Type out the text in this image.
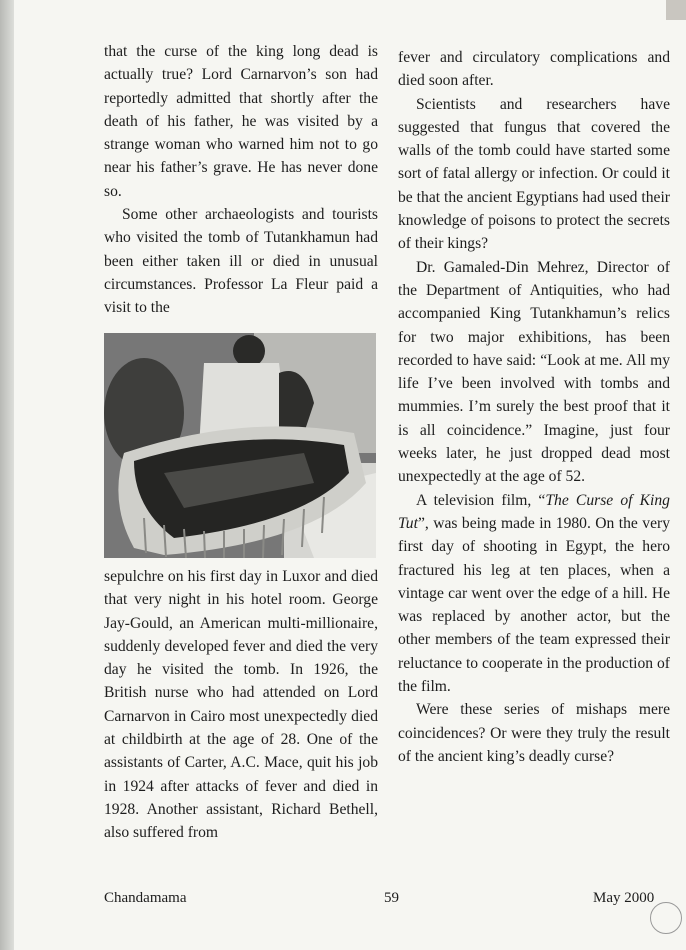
that the curse of the king long dead is actually true? Lord Carnarvon’s son had reportedly admitted that shortly after the death of his father, he was visited by a strange woman who warned him not to go near his father’s grave. He has never done so.

Some other archaeologists and tourists who visited the tomb of Tutankhamun had been either taken ill or died in unusual circumstances. Professor La Fleur paid a visit to the

sepulchre on his first day in Luxor and died that very night in his hotel room. George Jay-Gould, an American multi-millionaire, suddenly developed fever and died the very day he visited the tomb. In 1926, the British nurse who had attended on Lord Carnarvon in Cairo most unexpectedly died at childbirth at the age of 28. One of the assistants of Carter, A.C. Mace, quit his job in 1924 after attacks of fever and died in 1928. Another assistant, Richard Bethell, also suffered from

fever and circulatory complications and died soon after.

Scientists and researchers have suggested that fungus that covered the walls of the tomb could have started some sort of fatal allergy or infection. Or could it be that the ancient Egyptians had used their knowledge of poisons to protect the secrets of their kings?

Dr. Gamaled-Din Mehrez, Director of the Department of Antiquities, who had accompanied King Tutankhamun’s relics for two major exhibitions, has been recorded to have said: “Look at me. All my life I’ve been involved with tombs and mummies. I’m surely the best proof that it is all coincidence.” Imagine, just four weeks later, he just dropped dead most unexpectedly at the age of 52.

A television film, “The Curse of King Tut”, was being made in 1980. On the very first day of shooting in Egypt, the hero fractured his leg at ten places, when a vintage car went over the edge of a hill. He was replaced by another actor, but the other members of the team expressed their reluctance to cooperate in the production of the film.

Were these series of mishaps mere coincidences? Or were they truly the result of the ancient king’s deadly curse?

Chandamama	59	May 2000
